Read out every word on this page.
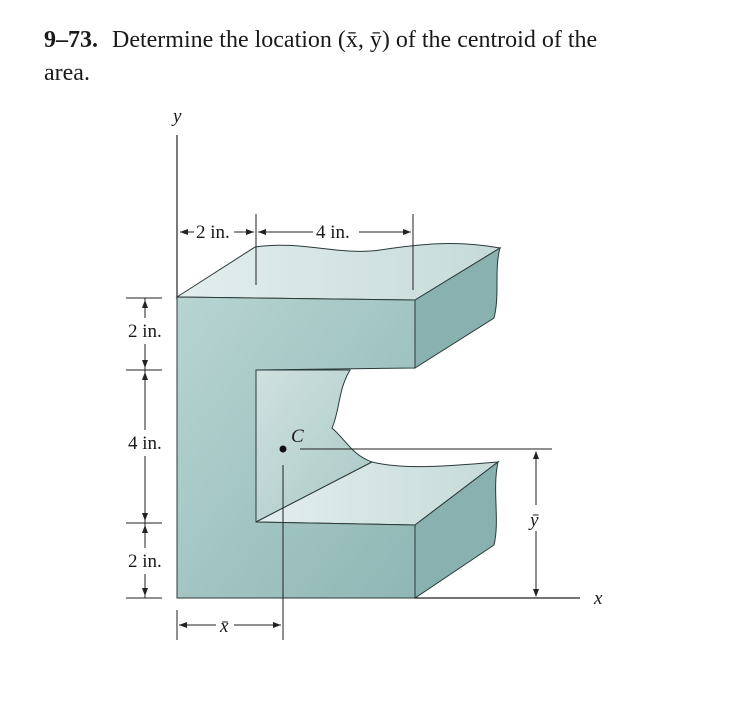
9–73. Determine the location (x̄, ȳ) of the centroid of the
area.
y
2 in.	4 in.
2 in.
4 in.
2 in.
C
x
ȳ
x̄
